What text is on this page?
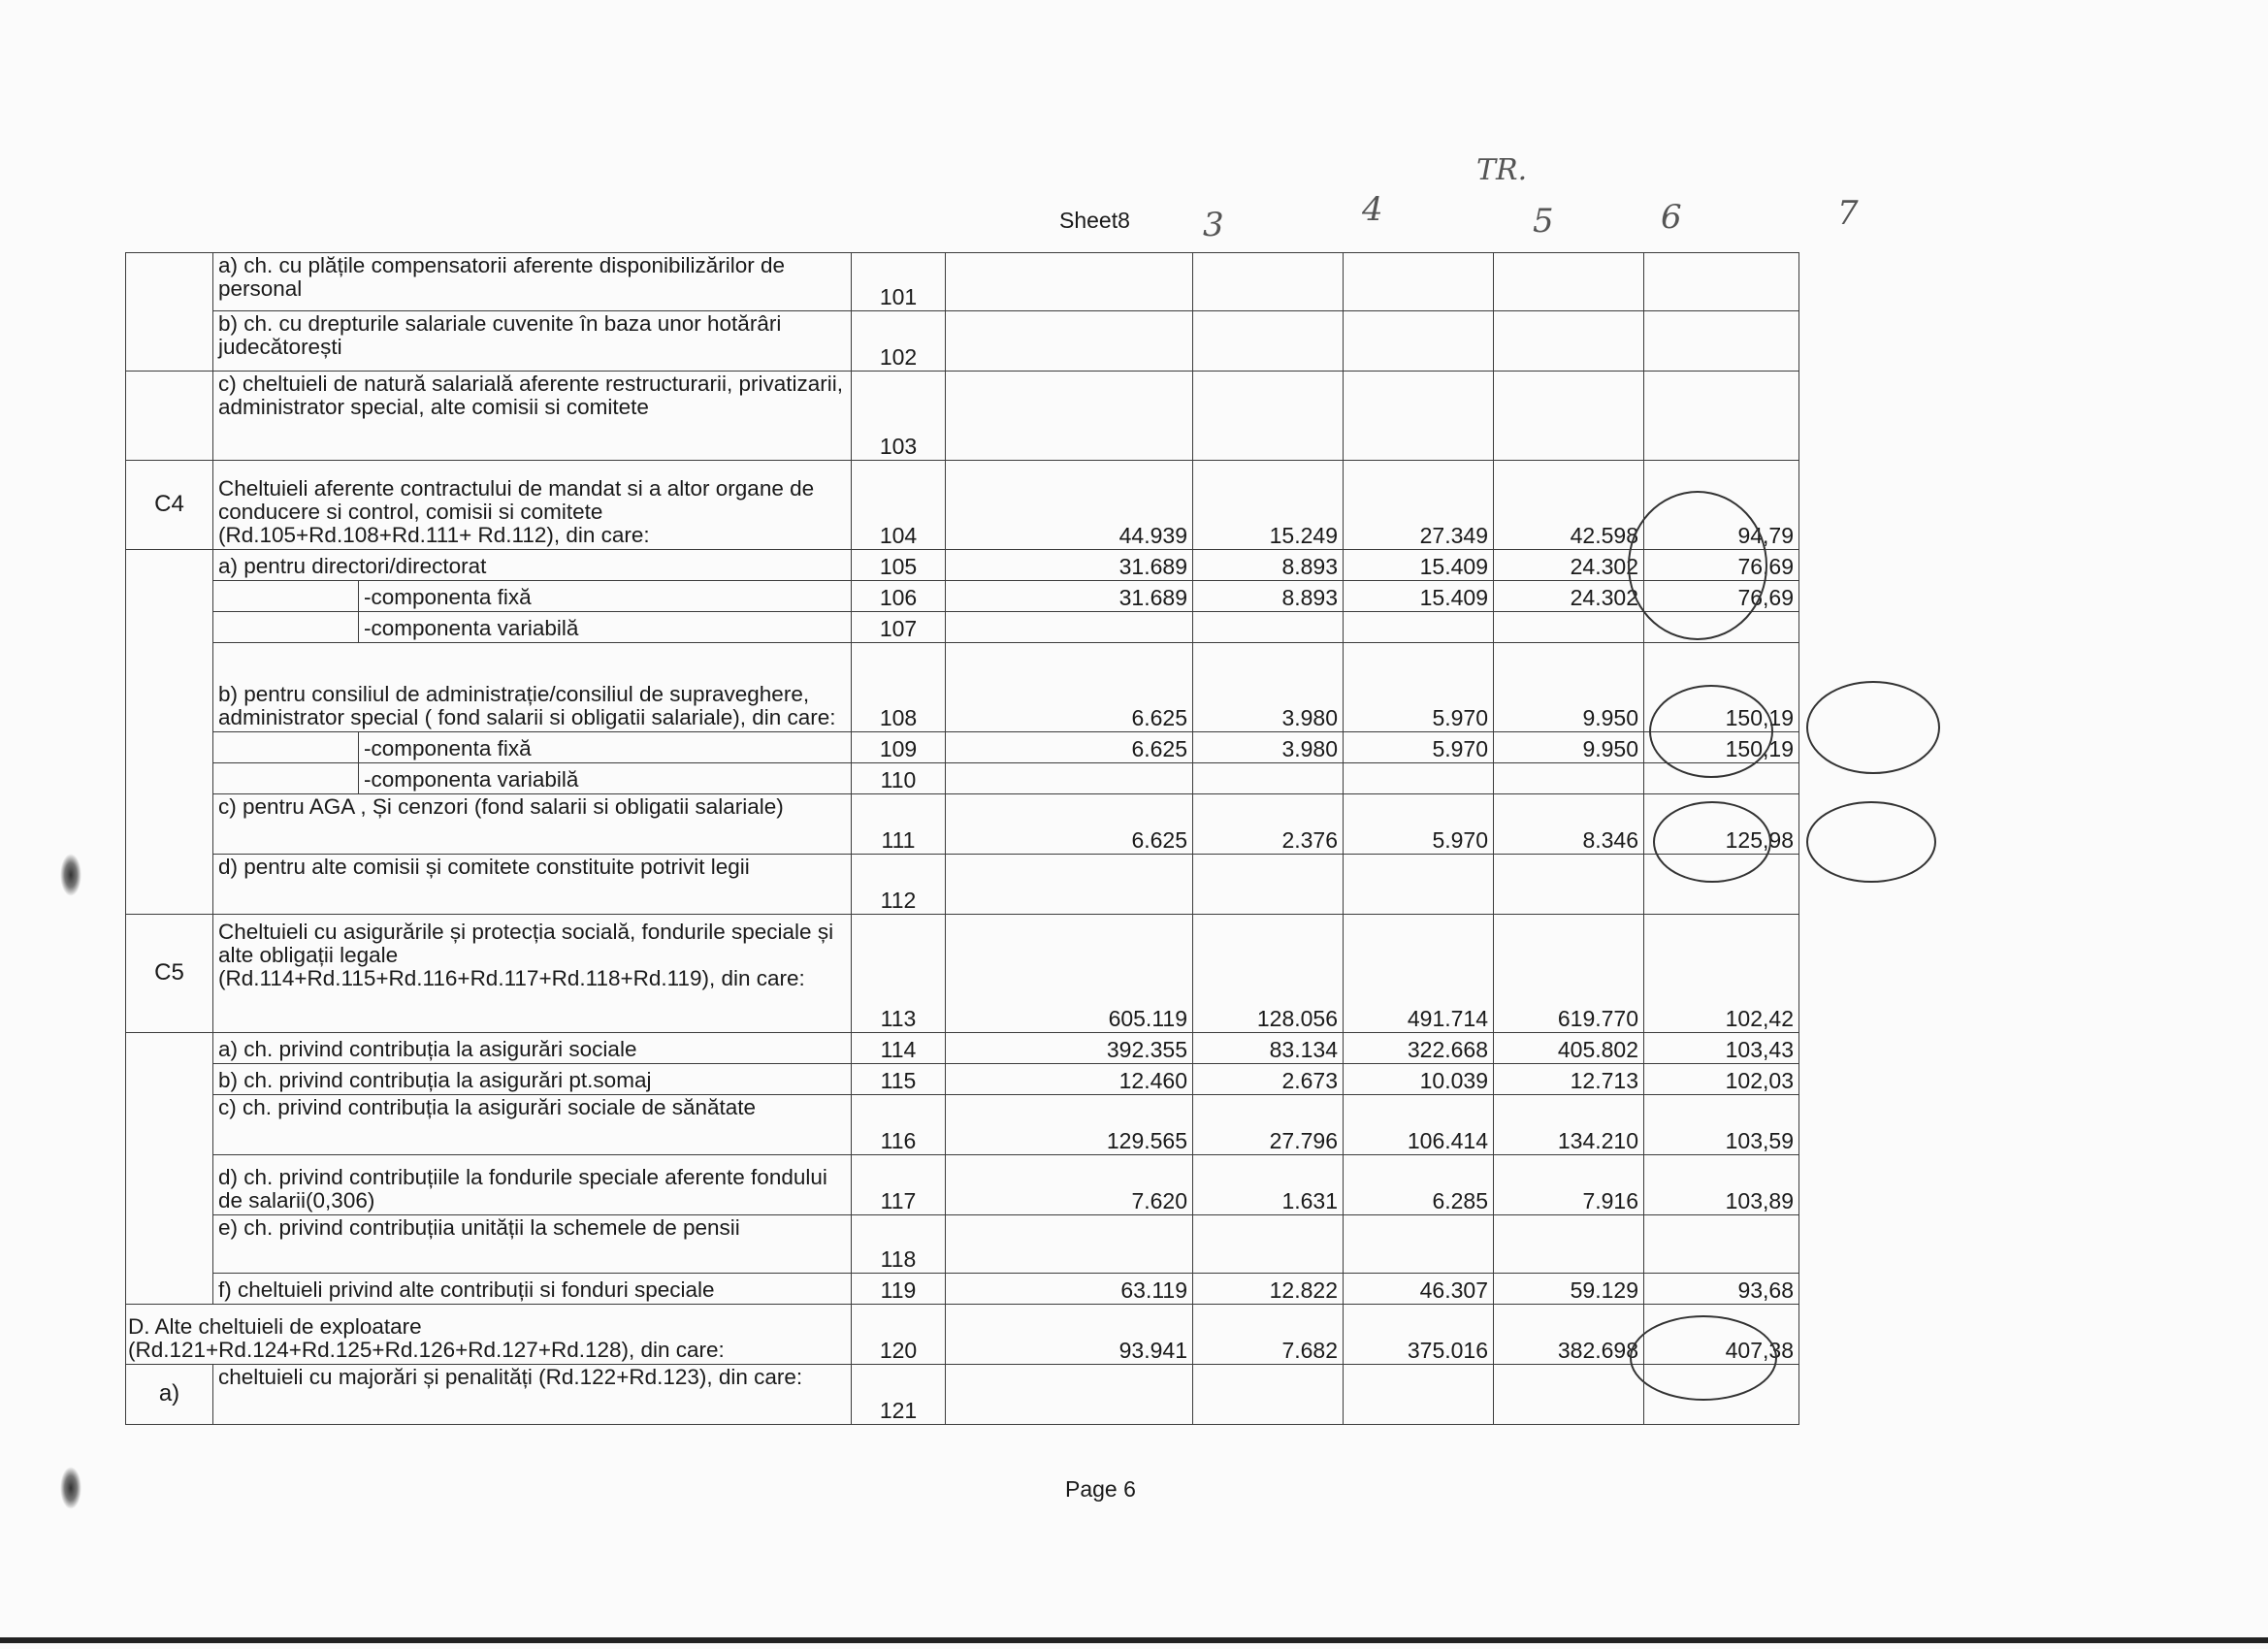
Sheet8 3	4
TR.
5	6	7
	a) ch. cu plățile compensatorii aferente disponibilizărilor de personal		101					
	b) ch. cu drepturile salariale cuvenite în baza unor hotărâri judecătorești		102					
	c) cheltuieli de natură salarială aferente restructurarii, privatizarii, administrator special, alte comisii si comitete		103					
C4	Cheltuieli aferente contractului de mandat si a altor organe de conducere si control, comisii si comitete (Rd.105+Rd.108+Rd.111+ Rd.112), din care:		104	44.939	15.249	27.349	42.598	94,79
	a) pentru directori/directorat		105	31.689	8.893	15.409	24.302	76,69
		-componenta fixă	106	31.689	8.893	15.409	24.302	76,69
		-componenta variabilă	107					
	b) pentru consiliul de administrație/consiliul de supraveghere, administrator special ( fond salarii si obligatii salariale), din care:		108	6.625	3.980	5.970	9.950	150,19
		-componenta fixă	109	6.625	3.980	5.970	9.950	150,19
		-componenta variabilă	110					
	c) pentru AGA , Și cenzori (fond salarii si obligatii salariale)		111	6.625	2.376	5.970	8.346	125,98
	d) pentru alte comisii și comitete constituite potrivit legii		112					
C5	Cheltuieli cu asigurările și protecția socială, fondurile speciale și alte obligații legale (Rd.114+Rd.115+Rd.116+Rd.117+Rd.118+Rd.119), din care:		113	605.119	128.056	491.714	619.770	102,42
	a) ch. privind contribuția la asigurări sociale		114	392.355	83.134	322.668	405.802	103,43
	b) ch. privind contribuția la asigurări pt.somaj		115	12.460	2.673	10.039	12.713	102,03
	c) ch. privind contribuția la asigurări sociale de sănătate		116	129.565	27.796	106.414	134.210	103,59
	d) ch. privind contribuțiile la fondurile speciale aferente fondului de salarii(0,306)		117	7.620	1.631	6.285	7.916	103,89
	e) ch. privind contribuțiia unității la schemele de pensii		118					
	f) cheltuieli privind alte contribuții si fonduri speciale		119	63.119	12.822	46.307	59.129	93,68
D. Alte cheltuieli de exploatare (Rd.121+Rd.124+Rd.125+Rd.126+Rd.127+Rd.128), din care:			120	93.941	7.682	375.016	382.698	407,38
a)	cheltuieli cu majorări și penalități (Rd.122+Rd.123), din care:		121					
Page 6
